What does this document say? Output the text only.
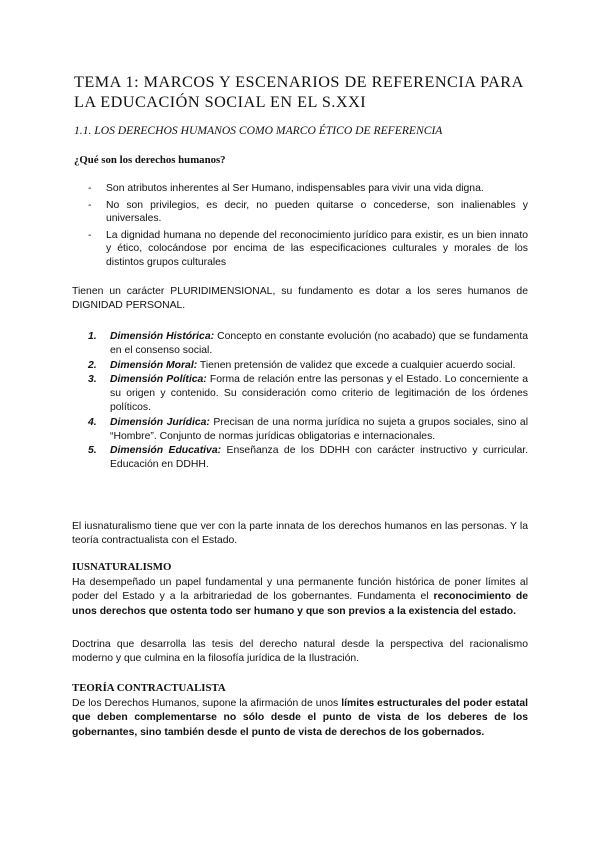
TEMA 1: MARCOS Y ESCENARIOS DE REFERENCIA PARA LA EDUCACIÓN SOCIAL EN EL S.XXI
1.1. LOS DERECHOS HUMANOS COMO MARCO ÉTICO DE REFERENCIA
¿Qué son los derechos humanos?
- Son atributos inherentes al Ser Humano, indispensables para vivir una vida digna.
- No son privilegios, es decir, no pueden quitarse o concederse, son inalienables y universales.
- La dignidad humana no depende del reconocimiento jurídico para existir, es un bien innato y ético, colocándose por encima de las especificaciones culturales y morales de los distintos grupos culturales

Tienen un carácter PLURIDIMENSIONAL, su fundamento es dotar a los seres humanos de DIGNIDAD PERSONAL.

1. Dimensión Histórica: Concepto en constante evolución (no acabado) que se fundamenta en el consenso social.
2. Dimensión Moral: Tienen pretensión de validez que excede a cualquier acuerdo social.
3. Dimensión Política: Forma de relación entre las personas y el Estado. Lo concerniente a su origen y contenido. Su consideración como criterio de legitimación de los órdenes políticos.
4. Dimensión Jurídica: Precisan de una norma jurídica no sujeta a grupos sociales, sino al “Hombre”. Conjunto de normas jurídicas obligatorias e internacionales.
5. Dimensión Educativa: Enseñanza de los DDHH con carácter instructivo y curricular. Educación en DDHH.

El iusnaturalismo tiene que ver con la parte innata de los derechos humanos en las personas. Y la teoría contractualista con el Estado.

IUSNATURALISMO

Ha desempeñado un papel fundamental y una permanente función histórica de poner límites al poder del Estado y a la arbitrariedad de los gobernantes. Fundamenta el reconocimiento de unos derechos que ostenta todo ser humano y que son previos a la existencia del estado.

Doctrina que desarrolla las tesis del derecho natural desde la perspectiva del racionalismo moderno y que culmina en la filosofía jurídica de la Ilustración.

TEORÍA CONTRACTUALISTA

De los Derechos Humanos, supone la afirmación de unos límites estructurales del poder estatal que deben complementarse no sólo desde el punto de vista de los deberes de los gobernantes, sino también desde el punto de vista de derechos de los gobernados.
